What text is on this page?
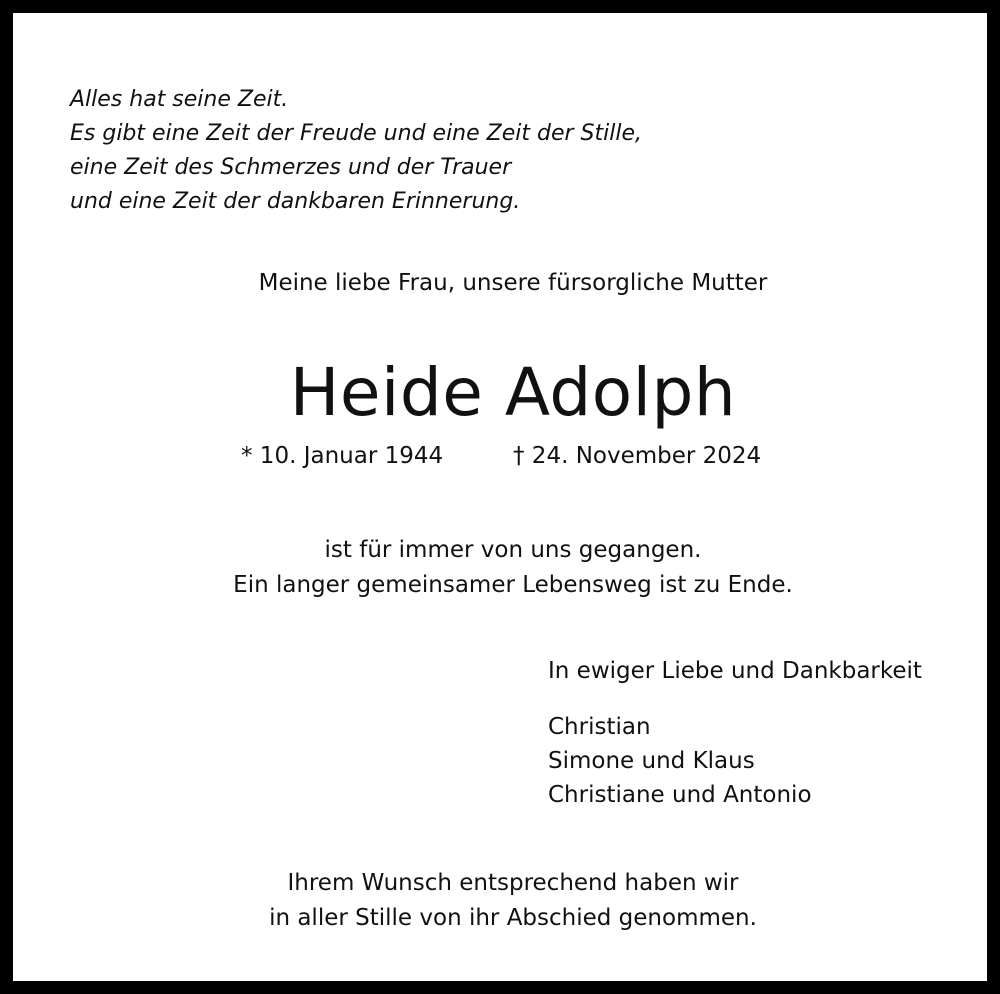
Alles hat seine Zeit.
Es gibt eine Zeit der Freude und eine Zeit der Stille,
eine Zeit des Schmerzes und der Trauer
und eine Zeit der dankbaren Erinnerung.
Meine liebe Frau, unsere fürsorgliche Mutter
Heide Adolph
* 10. Januar 1944	† 24. November 2024
ist für immer von uns gegangen.
Ein langer gemeinsamer Lebensweg ist zu Ende.
In ewiger Liebe und Dankbarkeit
Christian
Simone und Klaus
Christiane und Antonio
Ihrem Wunsch entsprechend haben wir
in aller Stille von ihr Abschied genommen.
